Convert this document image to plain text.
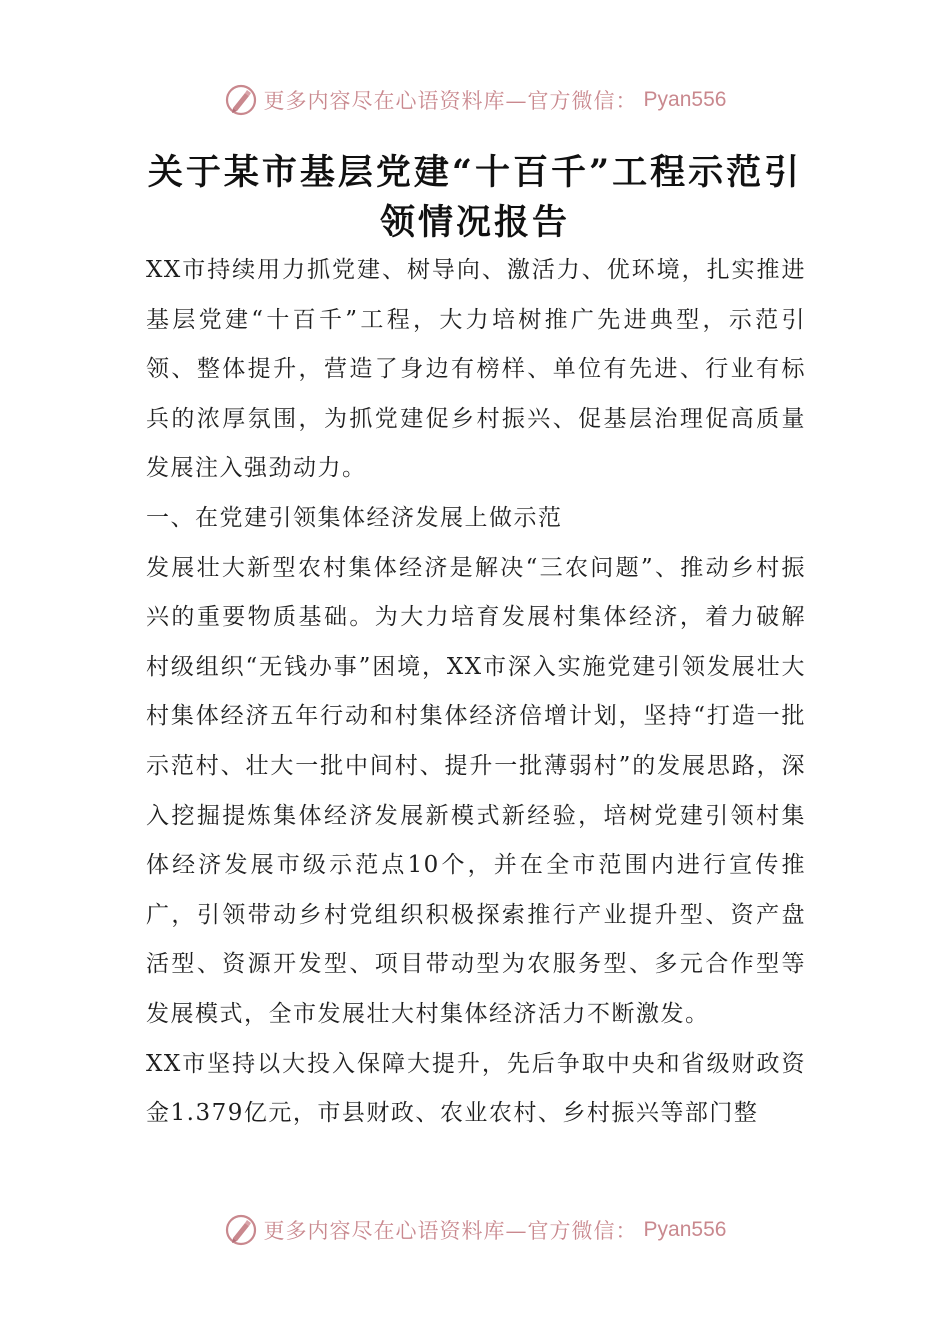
更多内容尽在心语资料库—官方微信： Pyan556
关于某市基层党建“十百千”工程示范引领情况报告

XX市持续用力抓党建、树导向、激活力、优环境，扎实推进基层党建“十百千”工程，大力培树推广先进典型，示范引领、整体提升，营造了身边有榜样、单位有先进、行业有标兵的浓厚氛围，为抓党建促乡村振兴、促基层治理促高质量发展注入强劲动力。

一、在党建引领集体经济发展上做示范

发展壮大新型农村集体经济是解决“三农问题”、推动乡村振兴的重要物质基础。为大力培育发展村集体经济，着力破解村级组织“无钱办事”困境，XX市深入实施党建引领发展壮大村集体经济五年行动和村集体经济倍增计划，坚持“打造一批示范村、壮大一批中间村、提升一批薄弱村”的发展思路，深入挖掘提炼集体经济发展新模式新经验，培树党建引领村集体经济发展市级示范点10个，并在全市范围内进行宣传推广，引领带动乡村党组织积极探索推行产业提升型、资产盘活型、资源开发型、项目带动型为农服务型、多元合作型等发展模式，全市发展壮大村集体经济活力不断激发。

XX市坚持以大投入保障大提升，先后争取中央和省级财政资金1.379亿元，市县财政、农业农村、乡村振兴等部门整

更多内容尽在心语资料库—官方微信： Pyan556
